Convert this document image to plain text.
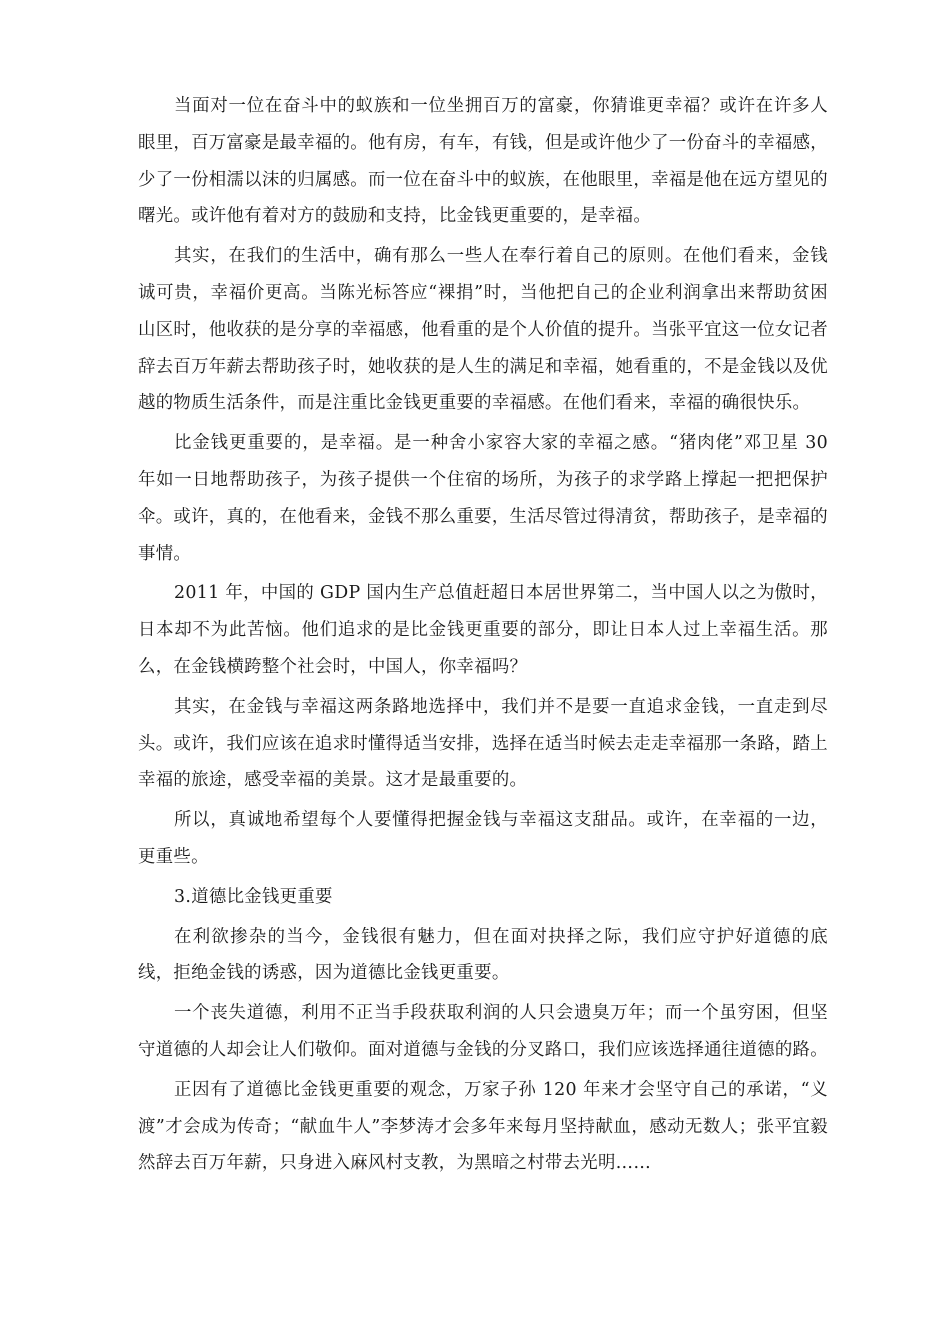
当面对一位在奋斗中的蚁族和一位坐拥百万的富豪，你猜谁更幸福？或许在许多人眼里，百万富豪是最幸福的。他有房，有车，有钱，但是或许他少了一份奋斗的幸福感，少了一份相濡以沫的归属感。而一位在奋斗中的蚁族，在他眼里，幸福是他在远方望见的曙光。或许他有着对方的鼓励和支持，比金钱更重要的，是幸福。

其实，在我们的生活中，确有那么一些人在奉行着自己的原则。在他们看来，金钱诚可贵，幸福价更高。当陈光标答应“裸捐”时，当他把自己的企业利润拿出来帮助贫困山区时，他收获的是分享的幸福感，他看重的是个人价值的提升。当张平宜这一位女记者辞去百万年薪去帮助孩子时，她收获的是人生的满足和幸福，她看重的，不是金钱以及优越的物质生活条件，而是注重比金钱更重要的幸福感。在他们看来，幸福的确很快乐。

比金钱更重要的，是幸福。是一种舍小家容大家的幸福之感。“猪肉佬”邓卫星 30 年如一日地帮助孩子，为孩子提供一个住宿的场所，为孩子的求学路上撑起一把把保护伞。或许，真的，在他看来，金钱不那么重要，生活尽管过得清贫，帮助孩子，是幸福的事情。

2011 年，中国的 GDP 国内生产总值赶超日本居世界第二，当中国人以之为傲时，日本却不为此苦恼。他们追求的是比金钱更重要的部分，即让日本人过上幸福生活。那么，在金钱横跨整个社会时，中国人，你幸福吗？

其实，在金钱与幸福这两条路地选择中，我们并不是要一直追求金钱，一直走到尽头。或许，我们应该在追求时懂得适当安排，选择在适当时候去走走幸福那一条路，踏上幸福的旅途，感受幸福的美景。这才是最重要的。

所以，真诚地希望每个人要懂得把握金钱与幸福这支甜品。或许，在幸福的一边，更重些。

3.道德比金钱更重要

在利欲掺杂的当今，金钱很有魅力，但在面对抉择之际，我们应守护好道德的底线，拒绝金钱的诱惑，因为道德比金钱更重要。

一个丧失道德，利用不正当手段获取利润的人只会遗臭万年；而一个虽穷困，但坚守道德的人却会让人们敬仰。面对道德与金钱的分叉路口，我们应该选择通往道德的路。

正因有了道德比金钱更重要的观念，万家子孙 120 年来才会坚守自己的承诺，“义渡”才会成为传奇；“献血牛人”李梦涛才会多年来每月坚持献血，感动无数人；张平宜毅然辞去百万年薪，只身进入麻风村支教，为黑暗之村带去光明……
